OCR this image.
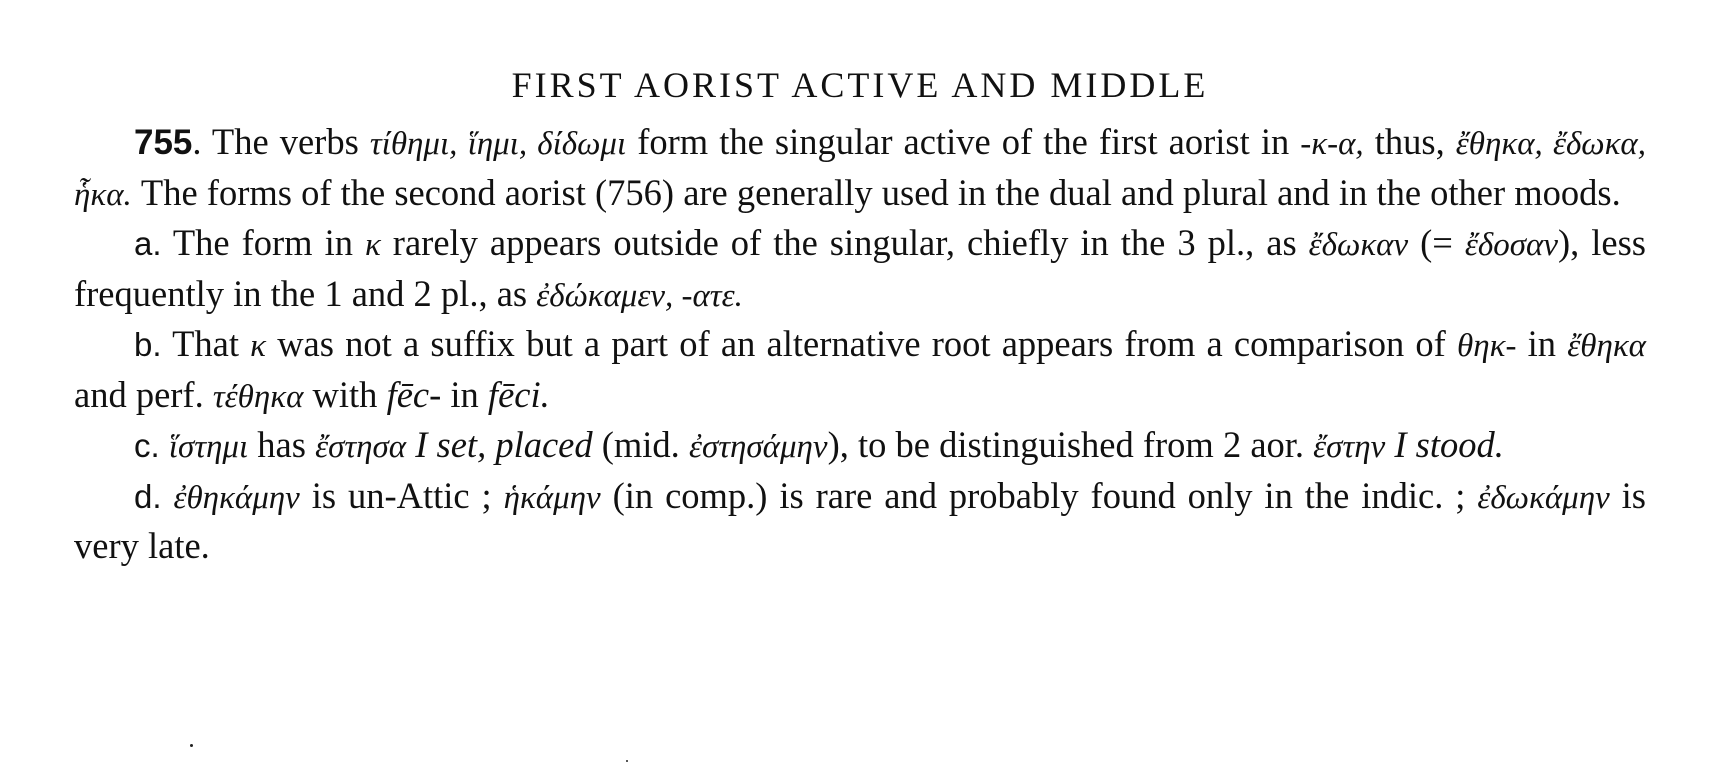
FIRST AORIST ACTIVE AND MIDDLE

755. The verbs τίθημι, ἵημι, δίδωμι form the singular active of the first aorist in -κ-α, thus, ἔθηκα, ἔδωκα, ἧκα. The forms of the second aorist (756) are generally used in the dual and plural and in the other moods.

a. The form in κ rarely appears outside of the singular, chiefly in the 3 pl., as ἔδωκαν (= ἔδοσαν), less frequently in the 1 and 2 pl., as ἐδώκαμεν, -ατε.

b. That κ was not a suffix but a part of an alternative root appears from a comparison of θηκ- in ἔθηκα and perf. τέθηκα with fēc- in fēci.

c. ἵστημι has ἔστησα I set, placed (mid. ἐστησάμην), to be distinguished from 2 aor. ἔστην I stood.

d. ἐθηκάμην is un-Attic ; ἡκάμην (in comp.) is rare and probably found only in the indic. ; ἐδωκάμην is very late.
